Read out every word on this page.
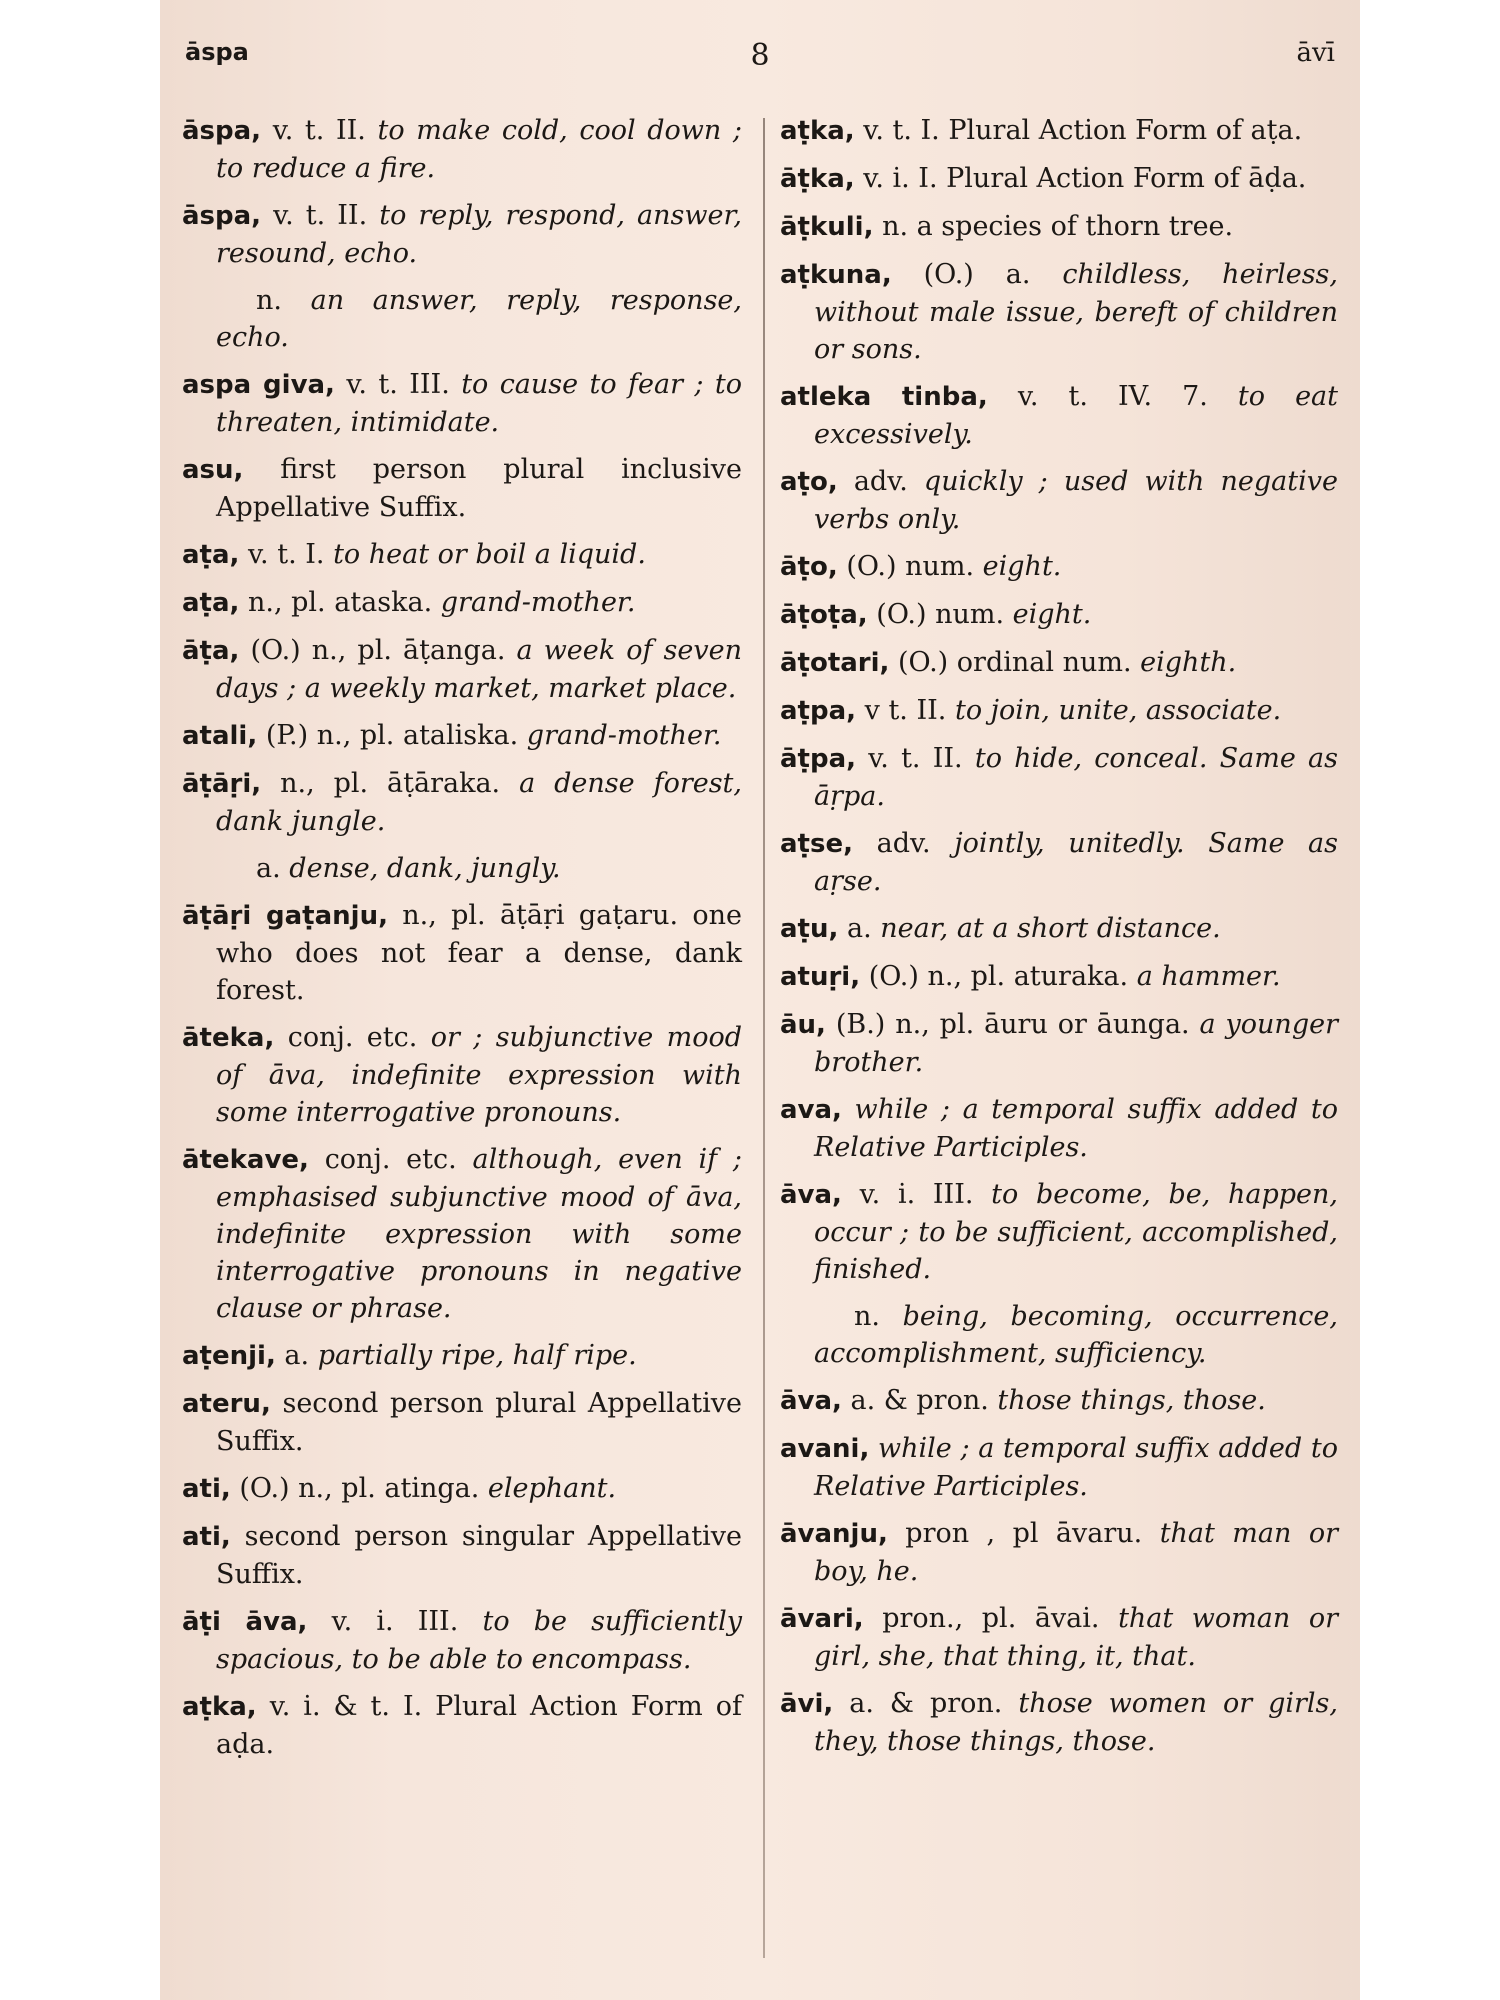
āspa	8	āvī
āspa, v. t. II. to make cold, cool down ; to reduce a fire.
āspa, v. t. II. to reply, respond, answer, resound, echo.
n. an answer, reply, response, echo.
aspa giva, v. t. III. to cause to fear ; to threaten, intimidate.
asu, first person plural inclusive Appellative Suffix.
aṭa, v. t. I. to heat or boil a liquid.
aṭa, n., pl. ataska. grand-mother.
āṭa, (O.) n., pl. āṭanga. a week of seven days ; a weekly market, market place.
atali, (P.) n., pl. ataliska. grand-mother.
āṭāṛi, n., pl. āṭāraka. a dense forest, dank jungle.
a. dense, dank, jungly.
āṭāṛi gaṭanju, n., pl. āṭāṛi gaṭaru. one who does not fear a dense, dank forest.
āteka, conj. etc. or ; subjunctive mood of āva, indefinite expression with some interrogative pronouns.
ātekave, conj. etc. although, even if ; emphasised subjunctive mood of āva, indefinite expression with some interrogative pronouns in negative clause or phrase.
aṭenji, a. partially ripe, half ripe.
ateru, second person plural Appellative Suffix.
ati, (O.) n., pl. atinga. elephant.
ati, second person singular Appellative Suffix.
āṭi āva, v. i. III. to be sufficiently spacious, to be able to encompass.
aṭka, v. i. & t. I. Plural Action Form of aḍa.
aṭka, v. t. I. Plural Action Form of aṭa.
āṭka, v. i. I. Plural Action Form of āḍa.
āṭkuli, n. a species of thorn tree.
aṭkuna, (O.) a. childless, heirless, without male issue, bereft of children or sons.
atleka tinba, v. t. IV. 7. to eat excessively.
aṭo, adv. quickly ; used with negative verbs only.
āṭo, (O.) num. eight.
āṭoṭa, (O.) num. eight.
āṭotari, (O.) ordinal num. eighth.
aṭpa, v t. II. to join, unite, associate.
āṭpa, v. t. II. to hide, conceal. Same as āṛpa.
aṭse, adv. jointly, unitedly. Same as aṛse.
aṭu, a. near, at a short distance.
atuṛi, (O.) n., pl. aturaka. a hammer.
āu, (B.) n., pl. āuru or āunga. a younger brother.
ava, while ; a temporal suffix added to Relative Participles.
āva, v. i. III. to become, be, happen, occur ; to be sufficient, accomplished, finished.
n. being, becoming, occurrence, accomplishment, sufficiency.
āva, a. & pron. those things, those.
avani, while ; a temporal suffix added to Relative Participles.
āvanju, pron , pl āvaru. that man or boy, he.
āvari, pron., pl. āvai. that woman or girl, she, that thing, it, that.
āvi, a. & pron. those women or girls, they, those things, those.
